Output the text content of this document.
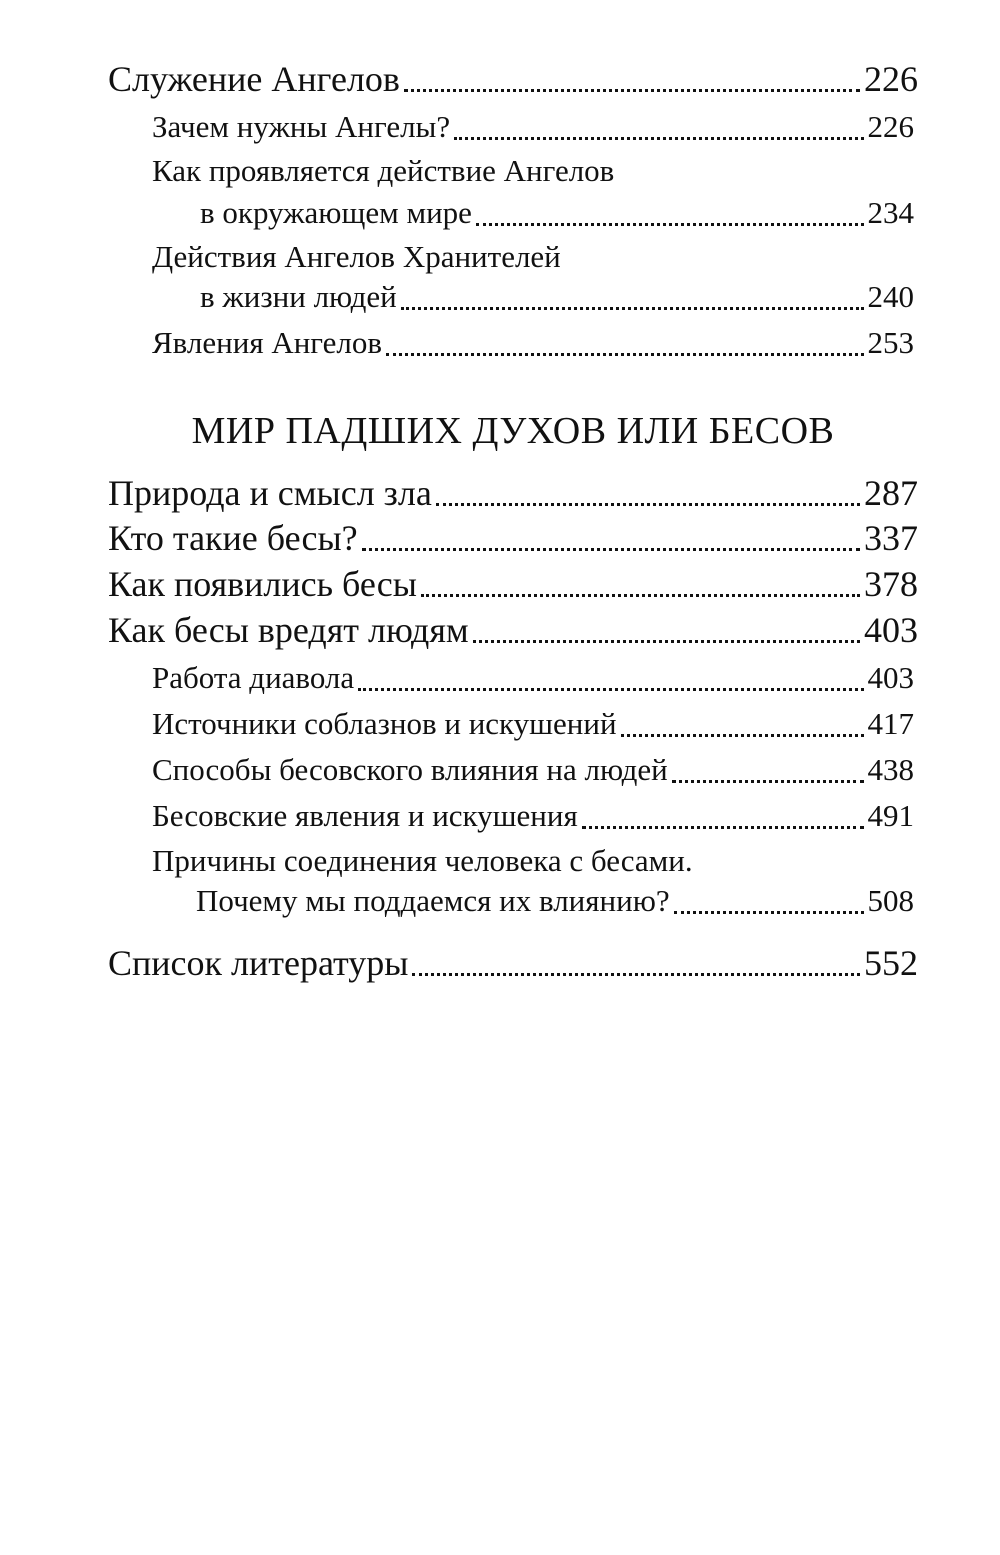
Служение Ангелов	226
Зачем нужны Ангелы?	226
Как проявляется действие Ангелов
в окружающем мире	234
Действия Ангелов Хранителей
в жизни людей	240
Явления Ангелов	253
МИР ПАДШИХ ДУХОВ ИЛИ БЕСОВ
Природа и смысл зла	287
Кто такие бесы?	337
Как появились бесы	378
Как бесы вредят людям	403
Работа диавола	403
Источники соблазнов и искушений	417
Способы бесовского влияния на людей	438
Бесовские явления и искушения	491
Причины соединения человека с бесами.
Почему мы поддаемся их влиянию?	508
Список литературы	552
